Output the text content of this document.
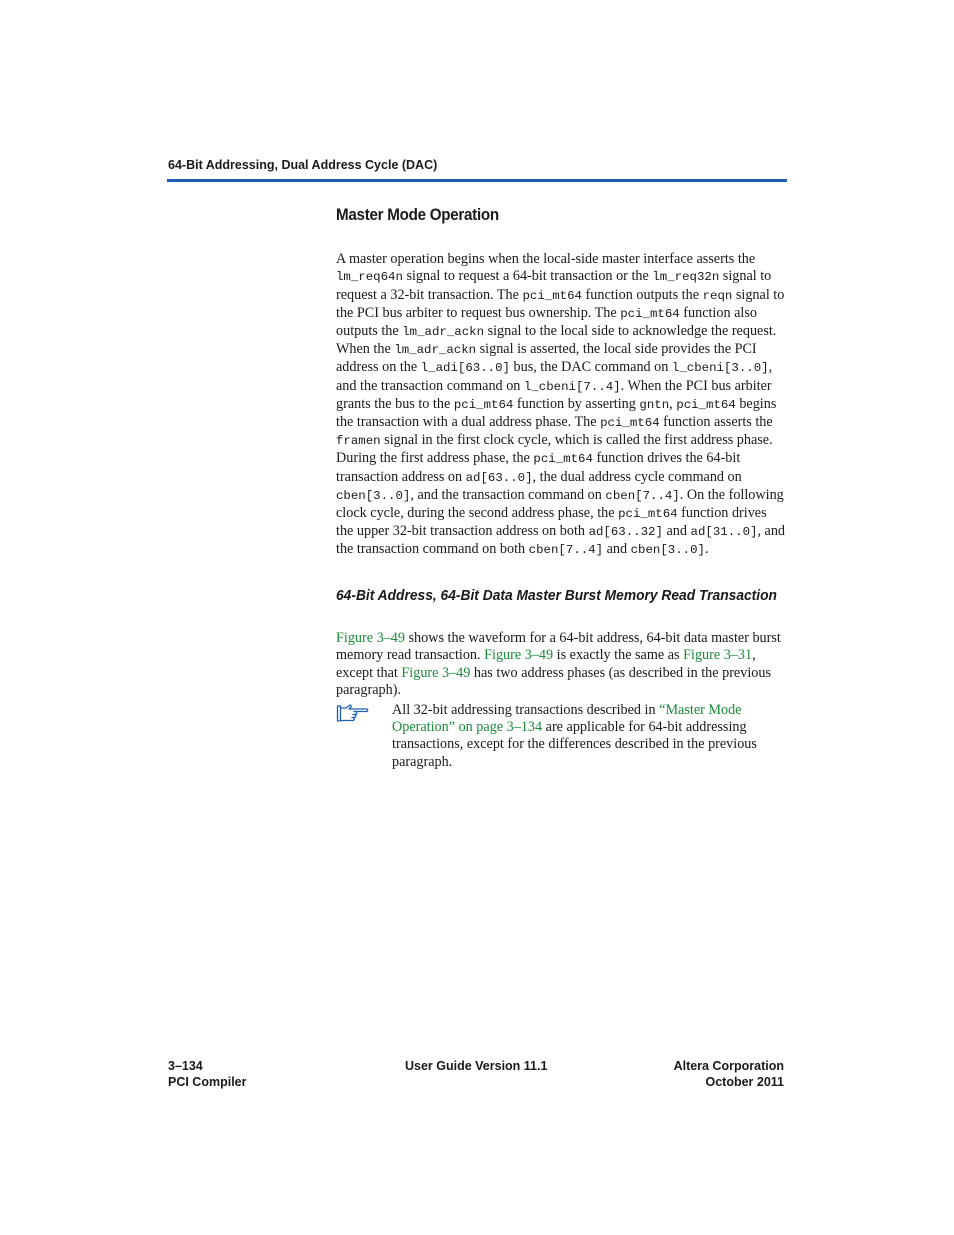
64-Bit Addressing, Dual Address Cycle (DAC)
Master Mode Operation

A master operation begins when the local-side master interface asserts the lm_req64n signal to request a 64-bit transaction or the lm_req32n signal to request a 32-bit transaction. The pci_mt64 function outputs the reqn signal to the PCI bus arbiter to request bus ownership. The pci_mt64 function also outputs the lm_adr_ackn signal to the local side to acknowledge the request. When the lm_adr_ackn signal is asserted, the local side provides the PCI address on the l_adi[63..0] bus, the DAC command on l_cbeni[3..0], and the transaction command on l_cbeni[7..4]. When the PCI bus arbiter grants the bus to the pci_mt64 function by asserting gntn, pci_mt64 begins the transaction with a dual address phase. The pci_mt64 function asserts the framen signal in the first clock cycle, which is called the first address phase. During the first address phase, the pci_mt64 function drives the 64-bit transaction address on ad[63..0], the dual address cycle command on cben[3..0], and the transaction command on cben[7..4]. On the following clock cycle, during the second address phase, the pci_mt64 function drives the upper 32-bit transaction address on both ad[63..32] and ad[31..0], and the transaction command on both cben[7..4] and cben[3..0].

64-Bit Address, 64-Bit Data Master Burst Memory Read Transaction

Figure 3–49 shows the waveform for a 64-bit address, 64-bit data master burst memory read transaction. Figure 3–49 is exactly the same as Figure 3–31, except that Figure 3–49 has two address phases (as described in the previous paragraph).

All 32-bit addressing transactions described in “Master Mode Operation” on page 3–134 are applicable for 64-bit addressing transactions, except for the differences described in the previous paragraph.

3–134
PCI Compiler
User Guide Version 11.1	Altera Corporation
October 2011
